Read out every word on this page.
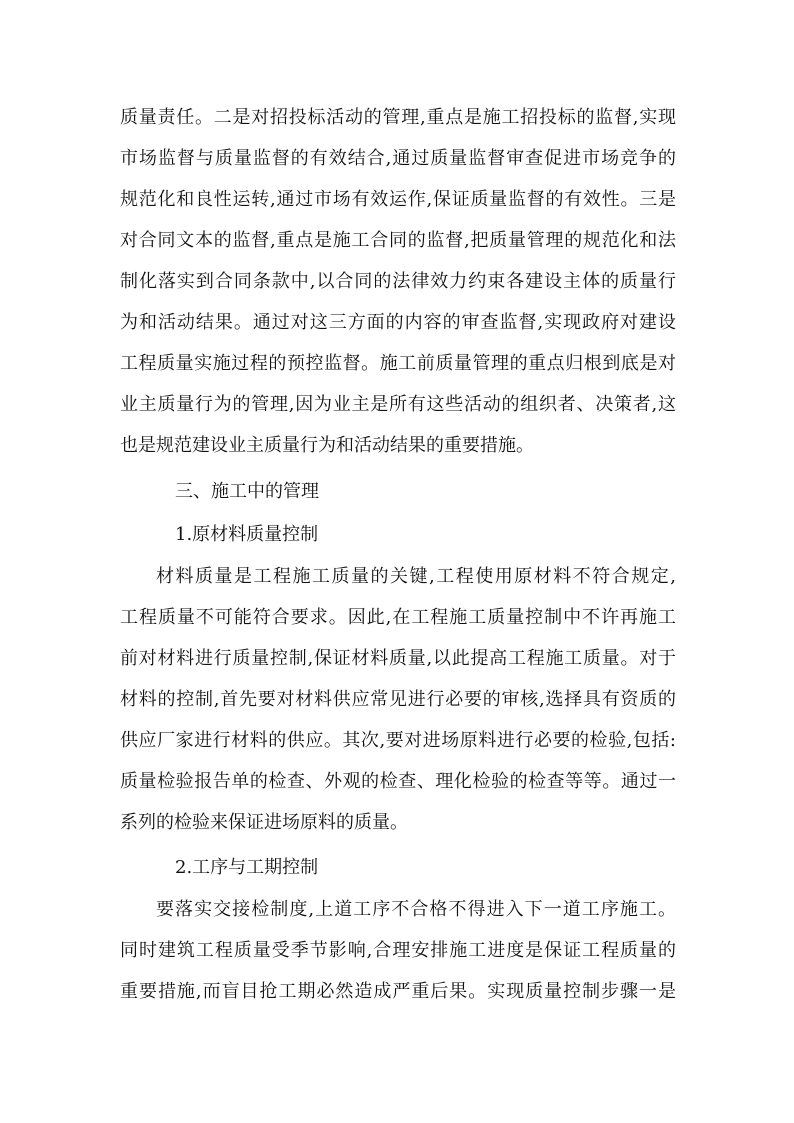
质量责任。二是对招投标活动的管理,重点是施工招投标的监督,实现
市场监督与质量监督的有效结合,通过质量监督审查促进市场竞争的
规范化和良性运转,通过市场有效运作,保证质量监督的有效性。三是
对合同文本的监督,重点是施工合同的监督,把质量管理的规范化和法
制化落实到合同条款中,以合同的法律效力约束各建设主体的质量行
为和活动结果。通过对这三方面的内容的审查监督,实现政府对建设
工程质量实施过程的预控监督。施工前质量管理的重点归根到底是对
业主质量行为的管理,因为业主是所有这些活动的组织者、决策者,这
也是规范建设业主质量行为和活动结果的重要措施。
三、施工中的管理
1.原材料质量控制
材料质量是工程施工质量的关键,工程使用原材料不符合规定,
工程质量不可能符合要求。因此,在工程施工质量控制中不许再施工
前对材料进行质量控制,保证材料质量,以此提高工程施工质量。对于
材料的控制,首先要对材料供应常见进行必要的审核,选择具有资质的
供应厂家进行材料的供应。其次,要对进场原料进行必要的检验,包括:
质量检验报告单的检查、外观的检查、理化检验的检查等等。通过一
系列的检验来保证进场原料的质量。
2.工序与工期控制
要落实交接检制度,上道工序不合格不得进入下一道工序施工。
同时建筑工程质量受季节影响,合理安排施工进度是保证工程质量的
重要措施,而盲目抢工期必然造成严重后果。实现质量控制步骤一是
